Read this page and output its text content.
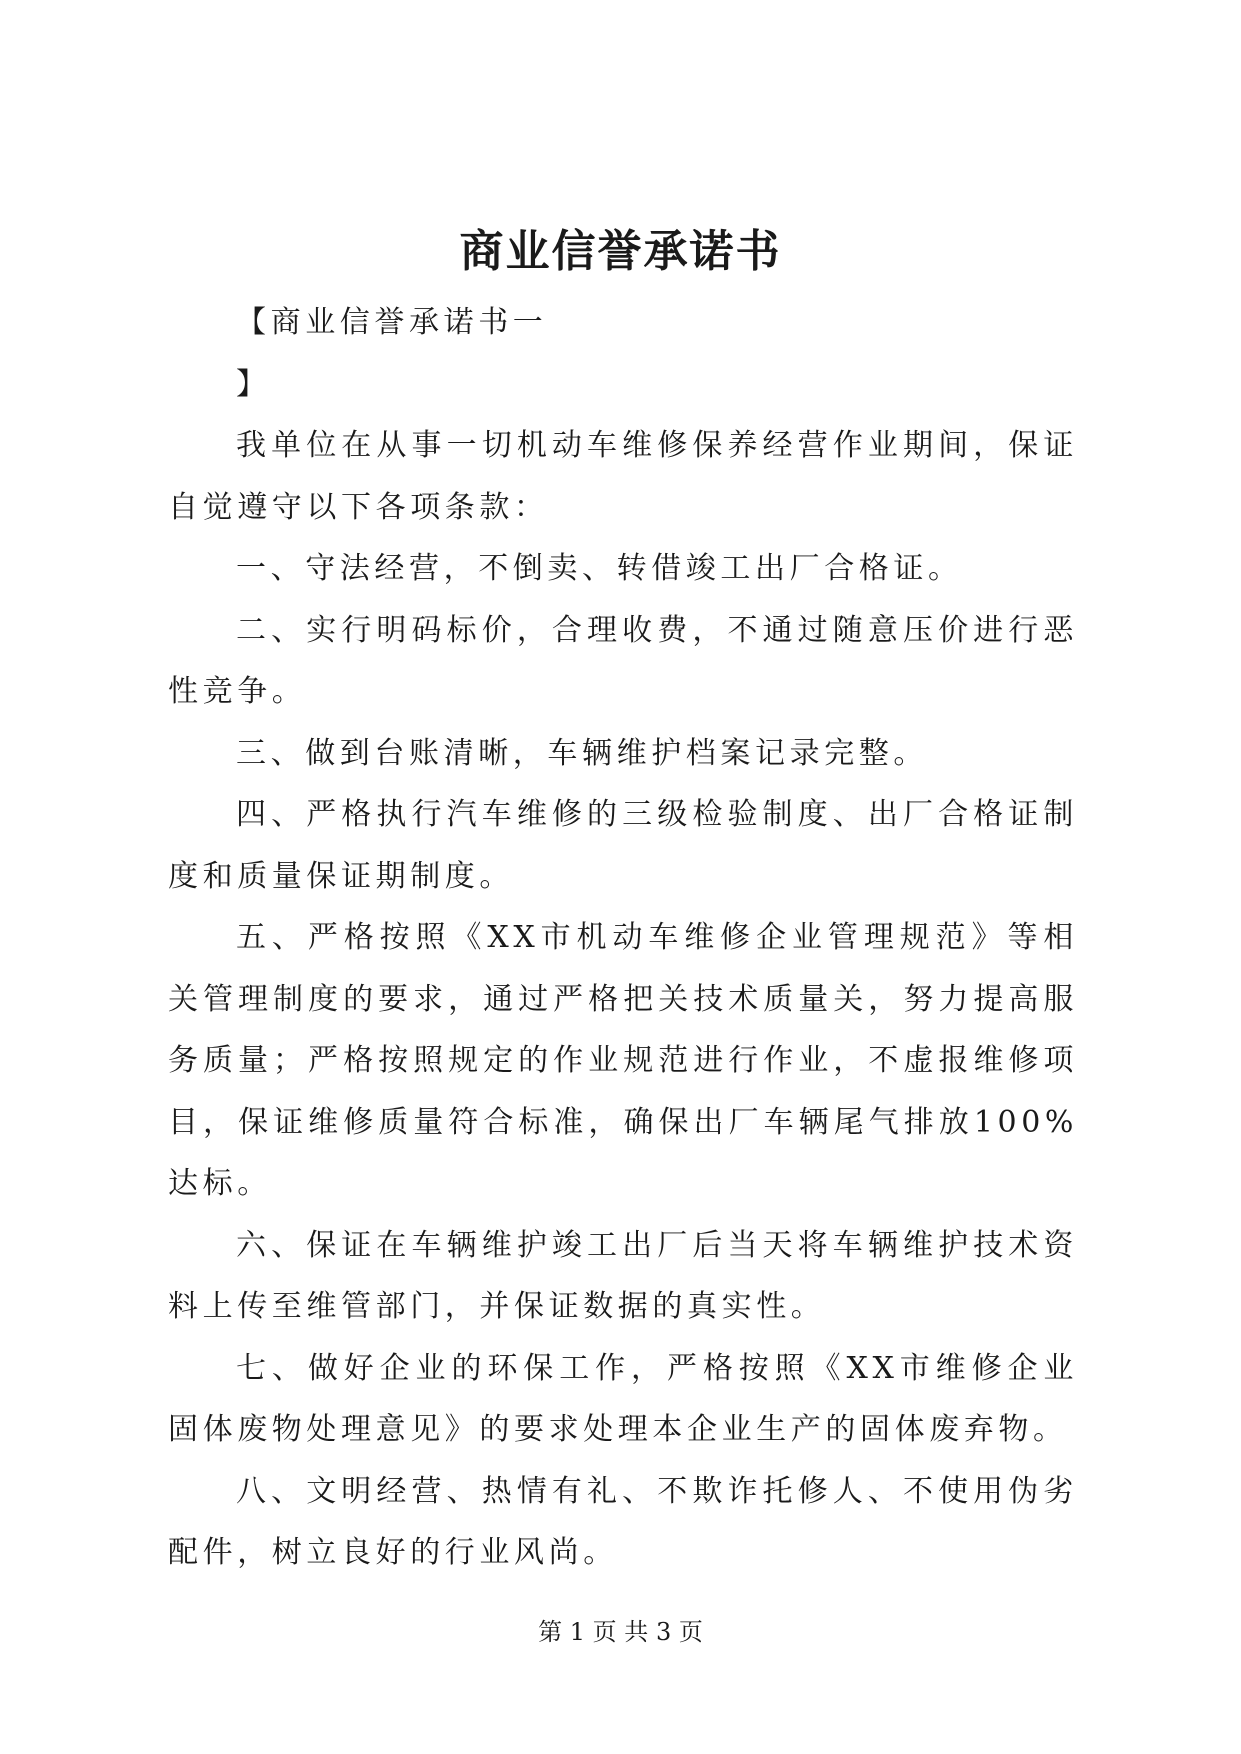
商业信誉承诺书

【商业信誉承诺书一

】

我单位在从事一切机动车维修保养经营作业期间，保证自觉遵守以下各项条款：

一、守法经营，不倒卖、转借竣工出厂合格证。

二、实行明码标价，合理收费，不通过随意压价进行恶性竞争。

三、做到台账清晰，车辆维护档案记录完整。

四、严格执行汽车维修的三级检验制度、出厂合格证制度和质量保证期制度。

五、严格按照《XX市机动车维修企业管理规范》等相关管理制度的要求，通过严格把关技术质量关，努力提高服务质量；严格按照规定的作业规范进行作业，不虚报维修项目，保证维修质量符合标准，确保出厂车辆尾气排放100%达标。

六、保证在车辆维护竣工出厂后当天将车辆维护技术资料上传至维管部门，并保证数据的真实性。

七、做好企业的环保工作，严格按照《XX市维修企业固体废物处理意见》的要求处理本企业生产的固体废弃物。

八、文明经营、热情有礼、不欺诈托修人、不使用伪劣配件，树立良好的行业风尚。

第 1 页 共 3 页
